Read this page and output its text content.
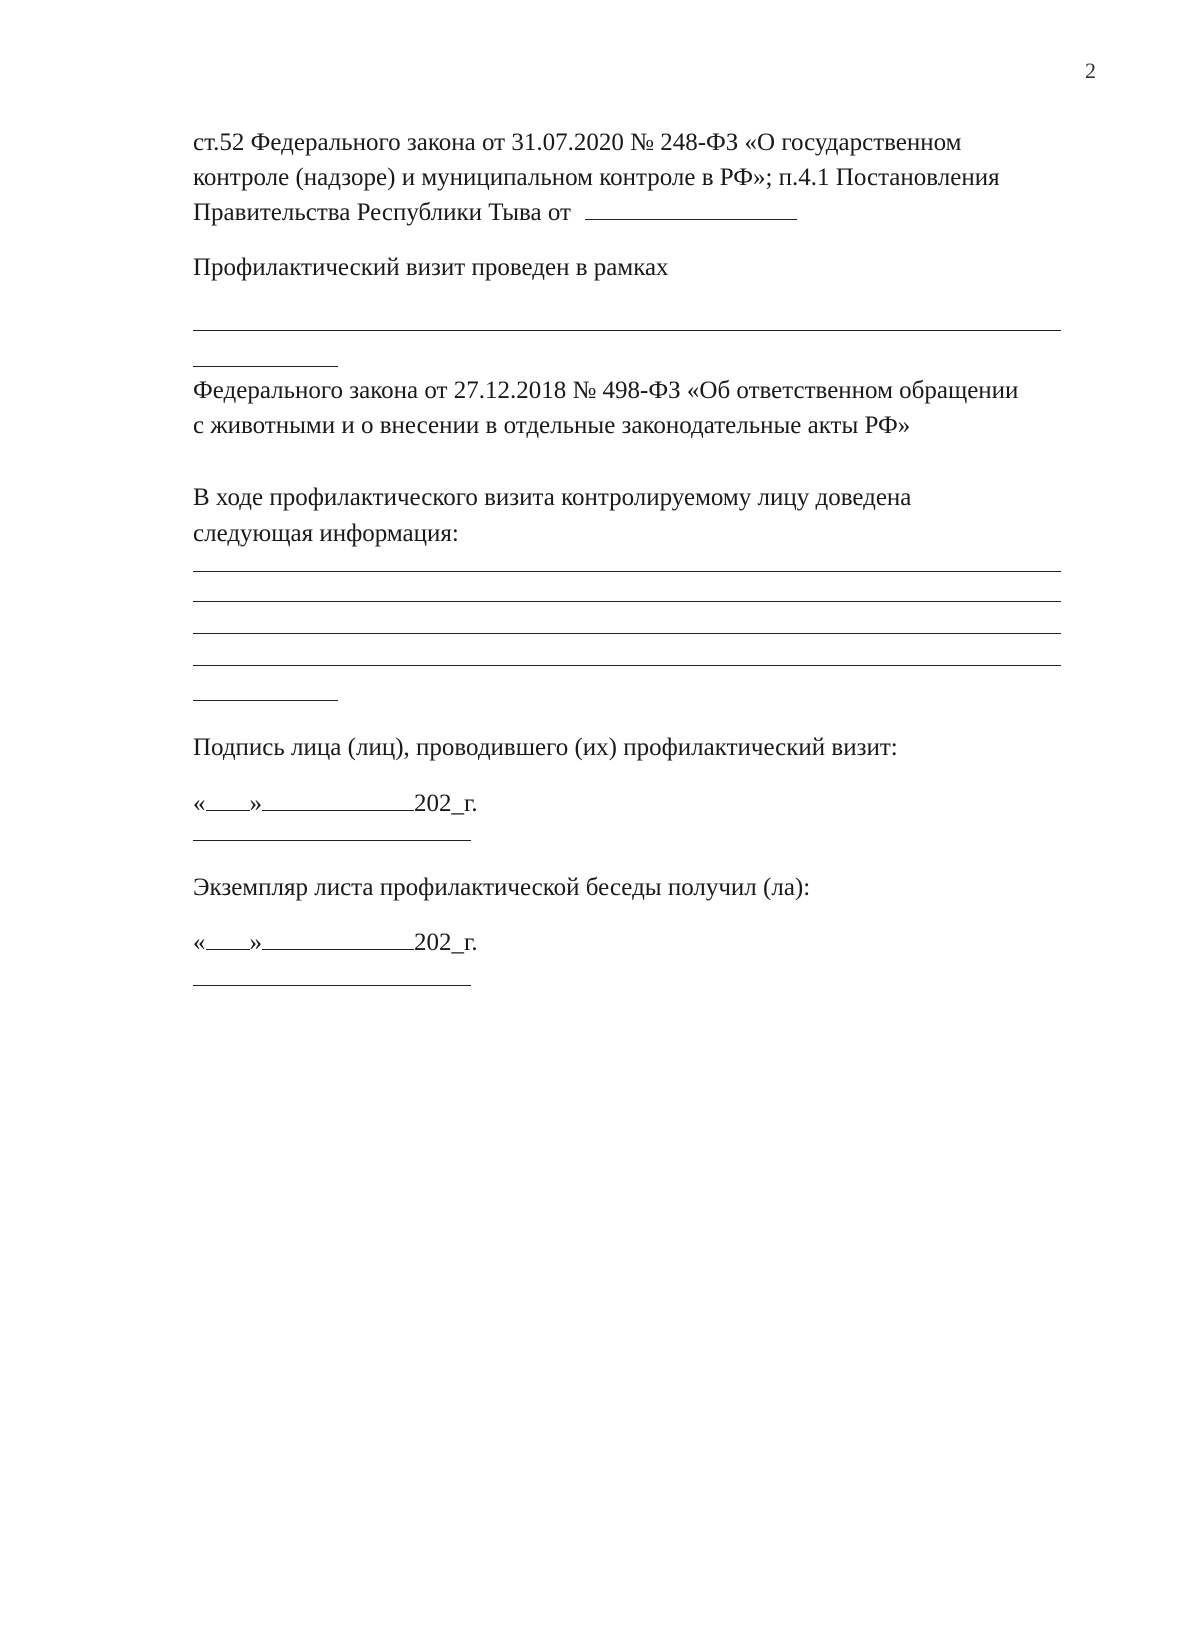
2
ст.52 Федерального закона от 31.07.2020 № 248-ФЗ «О государственном
контроле (надзоре) и муниципальном контроле в РФ»; п.4.1 Постановления
Правительства Республики Тыва от
Профилактический визит проведен в рамках
Федерального закона от 27.12.2018 № 498-ФЗ «Об ответственном обращении
с животными и о внесении в отдельные законодательные акты РФ»
В ходе профилактического визита контролируемому лицу доведена
следующая информация:
Подпись лица (лиц), проводившего (их) профилактический визит:
« »	202_г.
Экземпляр листа профилактической беседы получил (ла):
« »	202_г.
